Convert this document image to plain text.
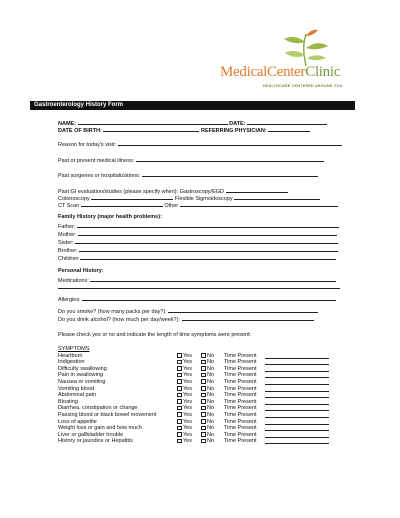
MedicalCenterClinic
HEALTHCARE CENTERED AROUND YOU
Gastroenterology History Form
NAME:	DATE:
DATE OF BIRTH:	REFERRING PHYSICIAN:
Reason for today's visit:
Past or present medical illness:
Past surgeries or hospitalizations:
Past GI evaluation/studies (please specify when): Gastroscopy/EGD
Colonoscopy	Flexible Sigmoidoscopy
CT Scan	Other
Family History (major health problems):
Father:
Mother:
Sister:
Brother:
Children
Personal History:
Medications:
Allergies:
Do you smoke? (how many packs per day?):
Do you drink alcohol? (how much per day/week?):
Please check yes or no and indicate the length of time symptoms were present:
SYMPTOMS
Heartburn	Yes	No Time Present
Indigestion	Yes	No Time Present
Difficulty swallowing	Yes	No Time Present
Pain in swallowing	Yes	No Time Present
Nausea or vomiting	Yes	No Time Present
Vomiting blood	Yes	No Time Present
Abdominal pain	Yes	No Time Present
Bloating	Yes	No Time Present
Diarrhea, constipation or change	Yes	No Time Present
Passing blood or black bowel movement	Yes	No Time Present
Loss of appetite	Yes	No Time Present
Weight loss or gain and how much	Yes	No Time Present
Liver or gallbladder trouble	Yes	No Time Present
History or jaundice or Hepatitis	Yes	No Time Present
